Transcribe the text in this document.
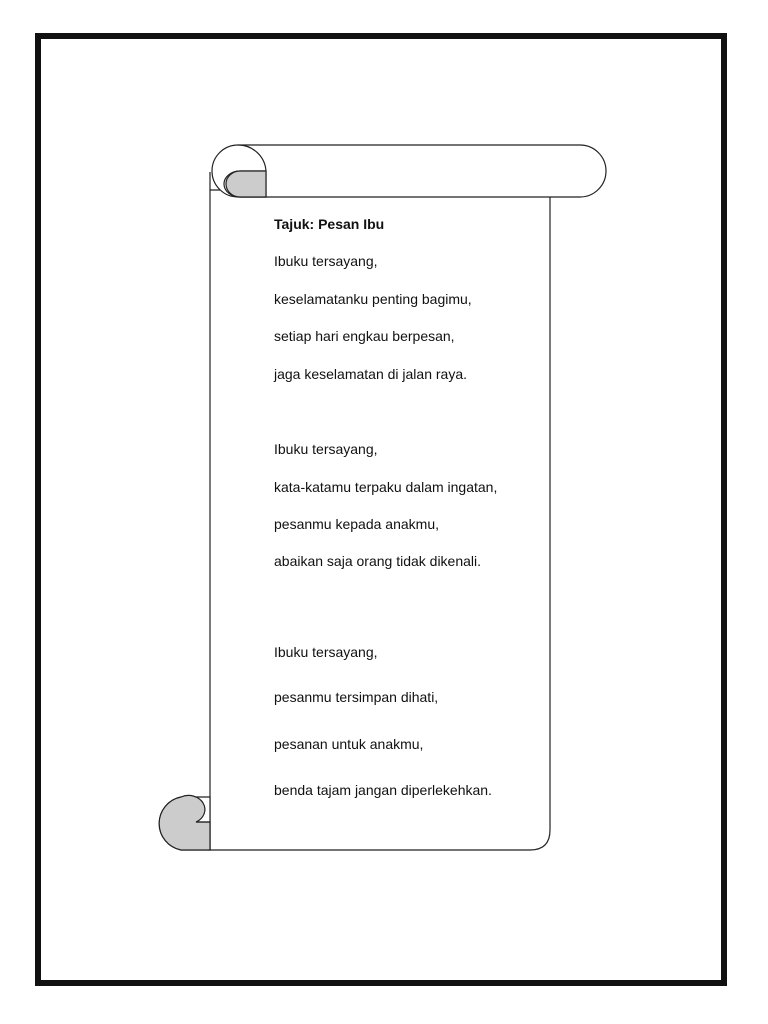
Tajuk: Pesan Ibu

Ibuku tersayang,

keselamatanku penting bagimu,

setiap hari engkau berpesan,

jaga keselamatan di jalan raya.

Ibuku tersayang,

kata-katamu terpaku dalam ingatan,

pesanmu kepada anakmu,

abaikan saja orang tidak dikenali.

Ibuku tersayang,

pesanmu tersimpan dihati,

pesanan untuk anakmu,

benda tajam jangan diperlekehkan.
